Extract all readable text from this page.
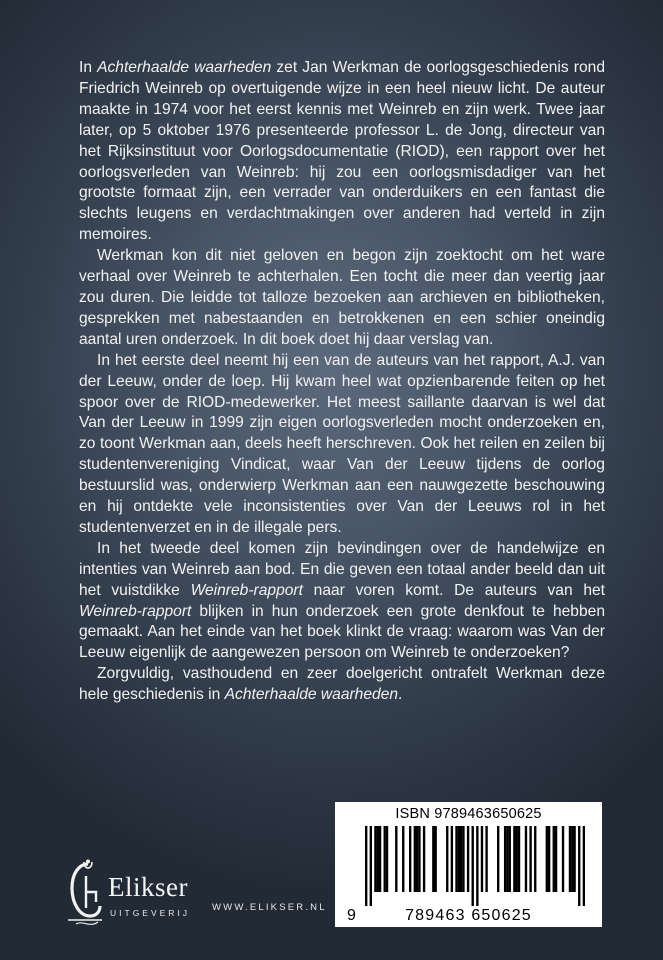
In Achterhaalde waarheden zet Jan Werkman de oorlogsgeschiedenis rond Friedrich Weinreb op overtuigende wijze in een heel nieuw licht. De auteur maakte in 1974 voor het eerst kennis met Weinreb en zijn werk. Twee jaar later, op 5 oktober 1976 presenteerde professor L. de Jong, directeur van het Rijksinstituut voor Oorlogsdocumentatie (RIOD), een rapport over het oorlogsverleden van Weinreb: hij zou een oorlogsmisdadiger van het grootste formaat zijn, een verrader van onderduikers en een fantast die slechts leugens en verdachtmakingen over anderen had verteld in zijn memoires.

Werkman kon dit niet geloven en begon zijn zoektocht om het ware verhaal over Weinreb te achterhalen. Een tocht die meer dan veertig jaar zou duren. Die leidde tot talloze bezoeken aan archieven en bibliotheken, gesprekken met nabestaanden en betrokkenen en een schier oneindig aantal uren onderzoek. In dit boek doet hij daar verslag van.

In het eerste deel neemt hij een van de auteurs van het rapport, A.J. van der Leeuw, onder de loep. Hij kwam heel wat opzienbarende feiten op het spoor over de RIOD-medewerker. Het meest saillante daarvan is wel dat Van der Leeuw in 1999 zijn eigen oorlogsverleden mocht onderzoeken en, zo toont Werkman aan, deels heeft herschreven. Ook het reilen en zeilen bij studentenvereniging Vindicat, waar Van der Leeuw tijdens de oorlog bestuurslid was, onderwierp Werkman aan een nauwgezette beschouwing en hij ontdekte vele inconsistenties over Van der Leeuws rol in het studentenverzet en in de illegale pers.

In het tweede deel komen zijn bevindingen over de handelwijze en intenties van Weinreb aan bod. En die geven een totaal ander beeld dan uit het vuistdikke Weinreb-rapport naar voren komt. De auteurs van het Weinreb-rapport blijken in hun onderzoek een grote denkfout te hebben gemaakt. Aan het einde van het boek klinkt de vraag: waarom was Van der Leeuw eigenlijk de aangewezen persoon om Weinreb te onderzoeken?

Zorgvuldig, vasthoudend en zeer doelgericht ontrafelt Werkman deze hele geschiedenis in Achterhaalde waarheden.

Elikser
UITGEVERIJ WWW.ELIKSER.NL
ISBN 9789463650625
9	789463 650625
